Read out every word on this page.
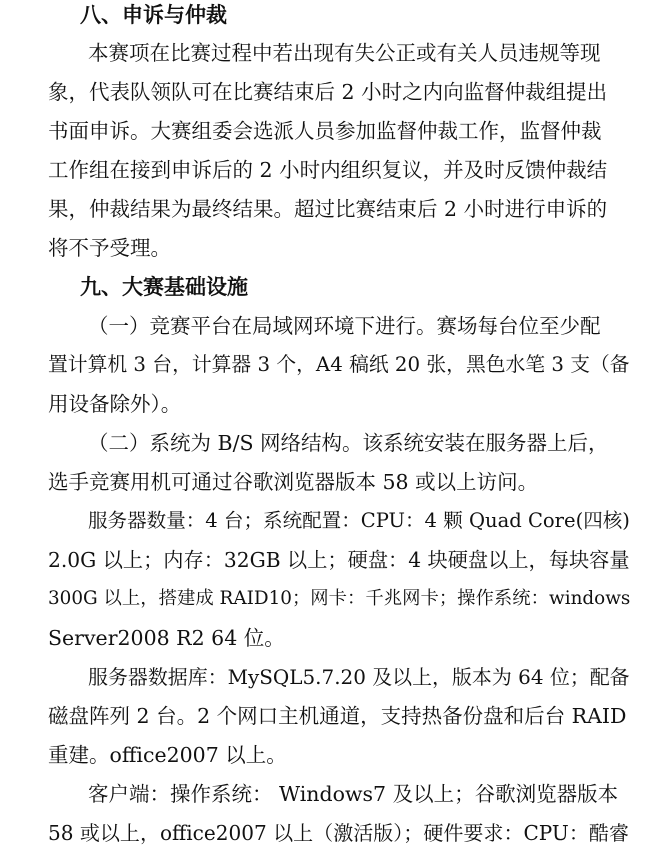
八、申诉与仲裁

本赛项在比赛过程中若出现有失公正或有关人员违规等现

象，代表队领队可在比赛结束后 2 小时之内向监督仲裁组提出

书面申诉。大赛组委会选派人员参加监督仲裁工作，监督仲裁

工作组在接到申诉后的 2 小时内组织复议，并及时反馈仲裁结

果，仲裁结果为最终结果。超过比赛结束后 2 小时进行申诉的

将不予受理。

九、大赛基础设施

（一）竞赛平台在局域网环境下进行。赛场每台位至少配

置计算机 3 台，计算器 3 个，A4 稿纸 20 张，黑色水笔 3 支（备

用设备除外）。

（二）系统为 B/S 网络结构。该系统安装在服务器上后，

选手竞赛用机可通过谷歌浏览器版本 58 或以上访问。

服务器数量：4 台；系统配置：CPU：4 颗 Quad Core(四核)

2.0G 以上；内存：32GB 以上；硬盘：4 块硬盘以上，每块容量

300G 以上，搭建成 RAID10；网卡：千兆网卡；操作系统：windows

Server2008 R2 64 位。

服务器数据库：MySQL5.7.20 及以上，版本为 64 位；配备

磁盘阵列 2 台。2 个网口主机通道，支持热备份盘和后台 RAID

重建。office2007 以上。

客户端：操作系统： Windows7 及以上；谷歌浏览器版本

58 或以上，office2007 以上（激活版）；硬件要求：CPU：酷睿
